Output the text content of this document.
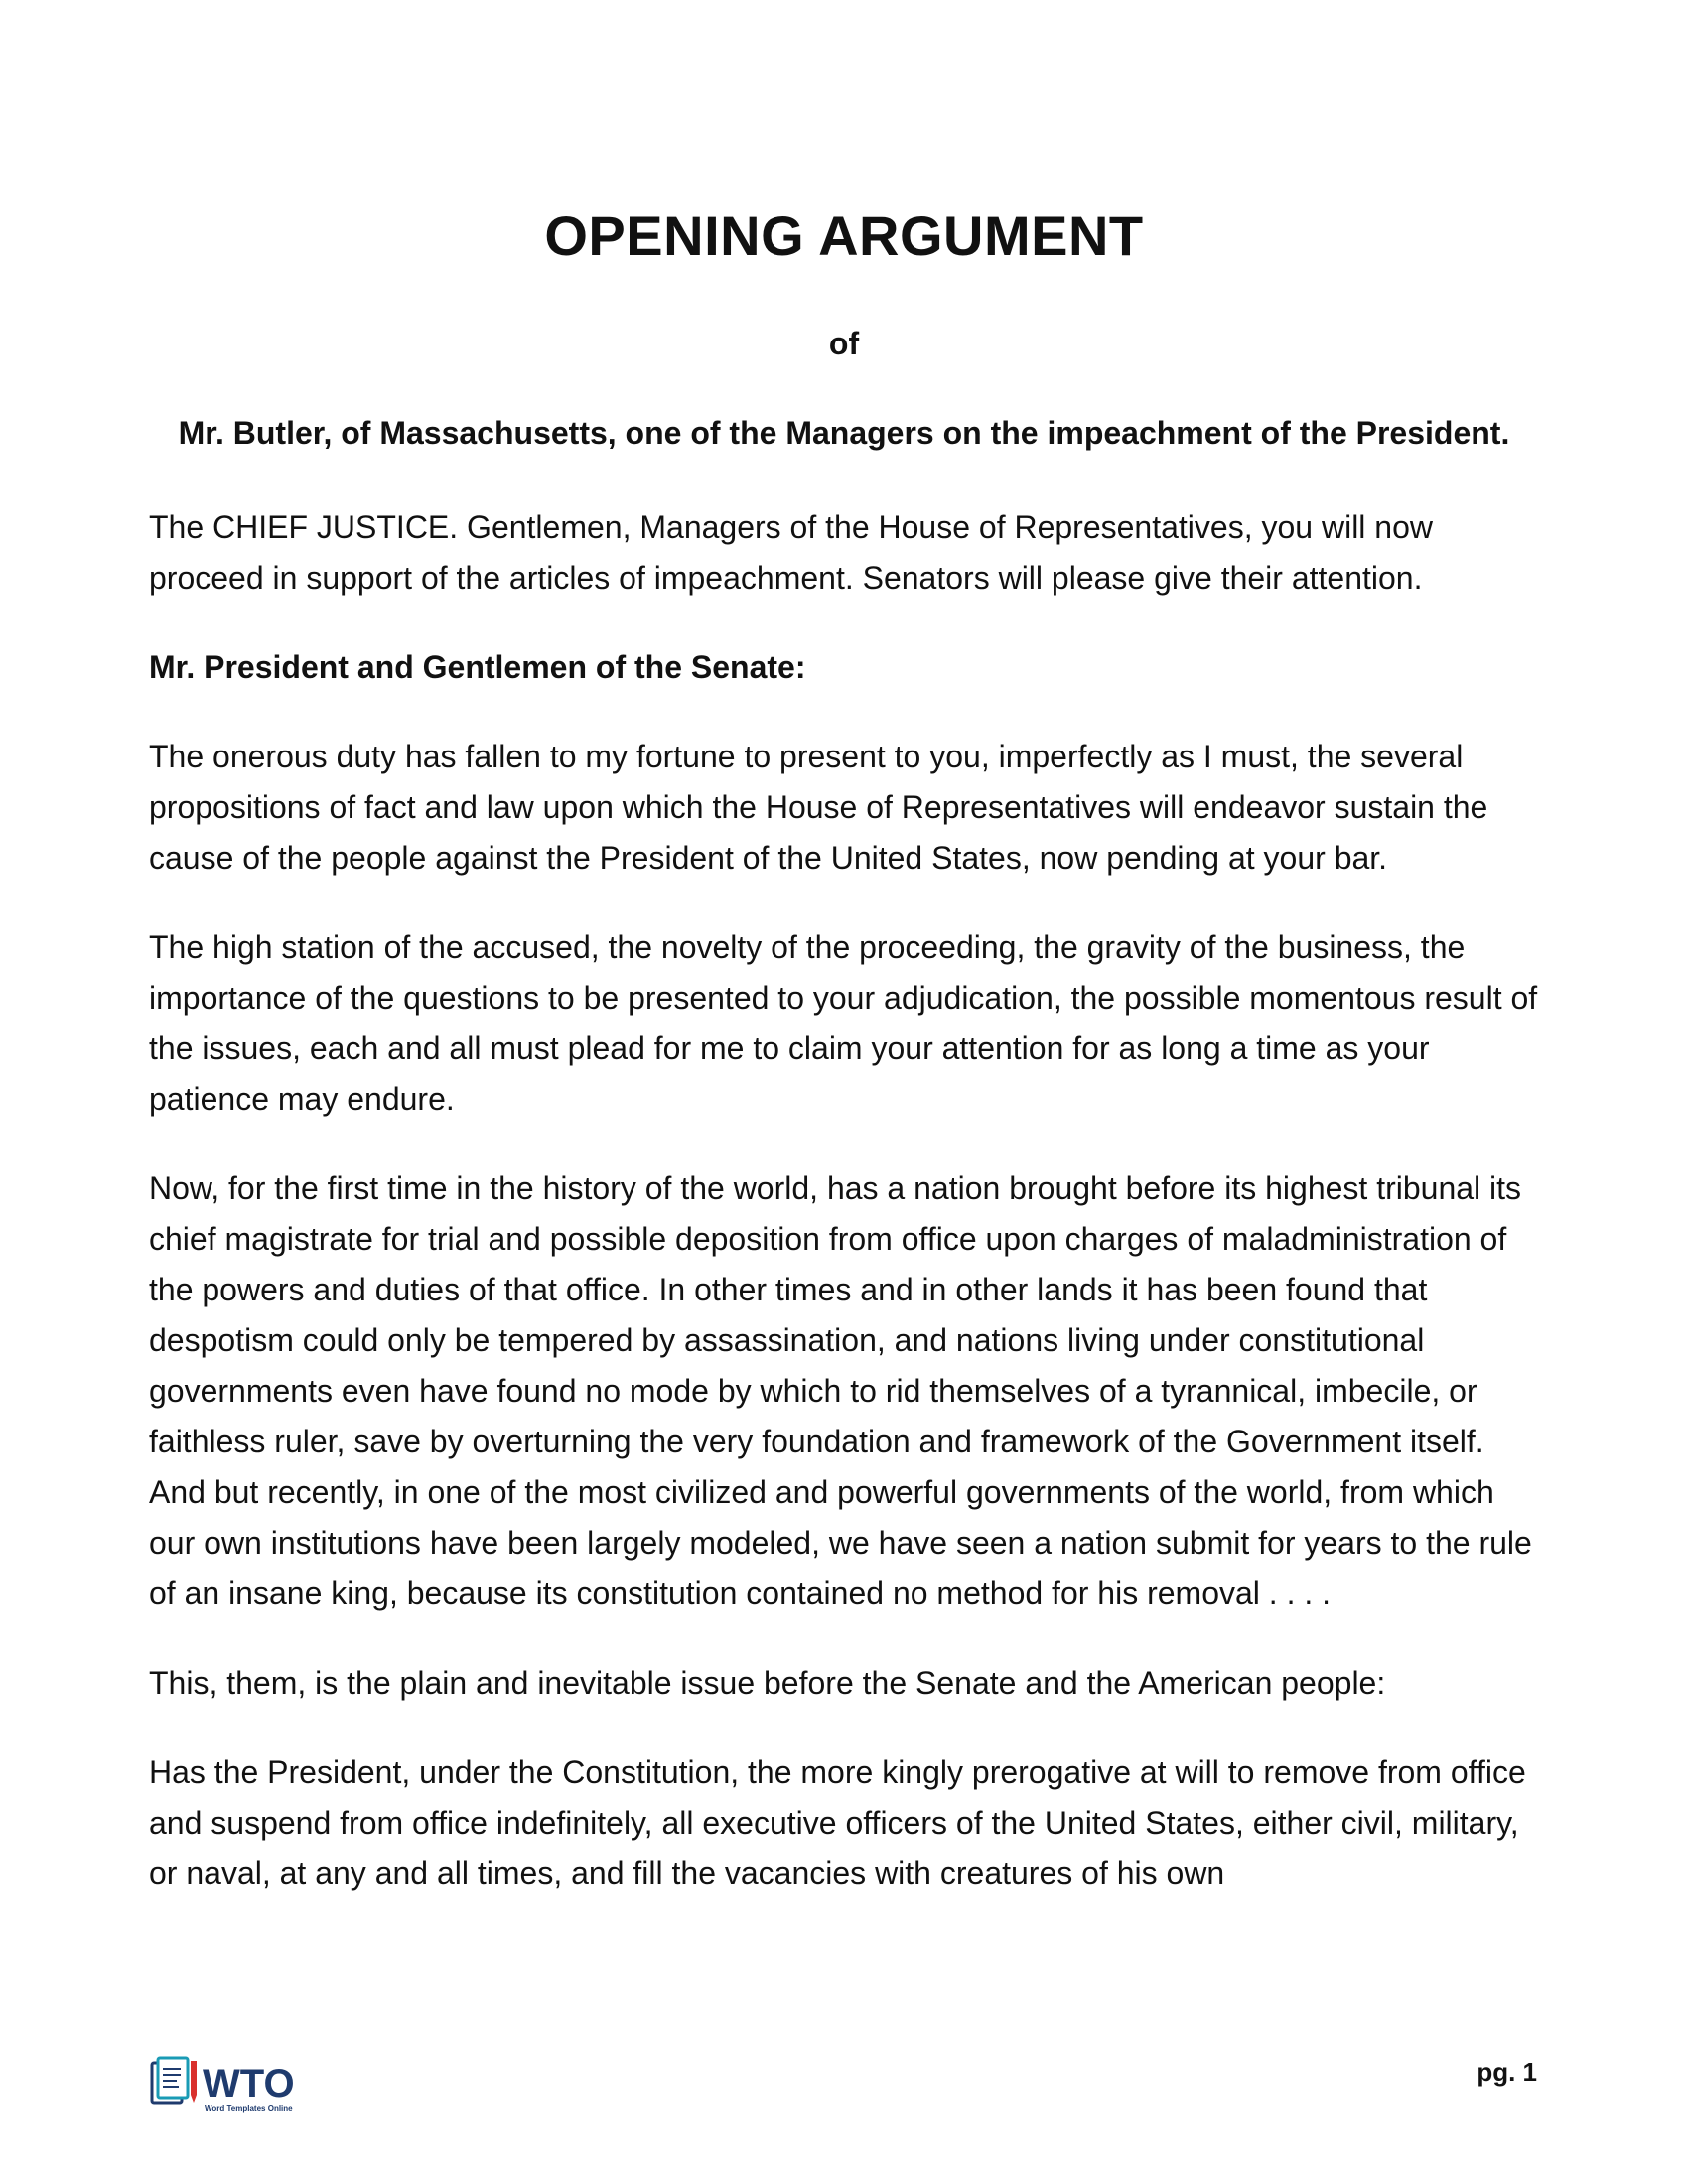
OPENING ARGUMENT
of
Mr. Butler, of Massachusetts, one of the Managers on the impeachment of the President.

The CHIEF JUSTICE. Gentlemen, Managers of the House of Representatives, you will now proceed in support of the articles of impeachment. Senators will please give their attention.

Mr. President and Gentlemen of the Senate:

The onerous duty has fallen to my fortune to present to you, imperfectly as I must, the several propositions of fact and law upon which the House of Representatives will endeavor sustain the cause of the people against the President of the United States, now pending at your bar.

The high station of the accused, the novelty of the proceeding, the gravity of the business, the importance of the questions to be presented to your adjudication, the possible momentous result of the issues, each and all must plead for me to claim your attention for as long a time as your patience may endure.

Now, for the first time in the history of the world, has a nation brought before its highest tribunal its chief magistrate for trial and possible deposition from office upon charges of maladministration of the powers and duties of that office. In other times and in other lands it has been found that despotism could only be tempered by assassination, and nations living under constitutional governments even have found no mode by which to rid themselves of a tyrannical, imbecile, or faithless ruler, save by overturning the very foundation and framework of the Government itself. And but recently, in one of the most civilized and powerful governments of the world, from which our own institutions have been largely modeled, we have seen a nation submit for years to the rule of an insane king, because its constitution contained no method for his removal . . . .

This, them, is the plain and inevitable issue before the Senate and the American people:

Has the President, under the Constitution, the more kingly prerogative at will to remove from office and suspend from office indefinitely, all executive officers of the United States, either civil, military, or naval, at any and all times, and fill the vacancies with creatures of his own

WTO
Word Templates Online
pg. 1
